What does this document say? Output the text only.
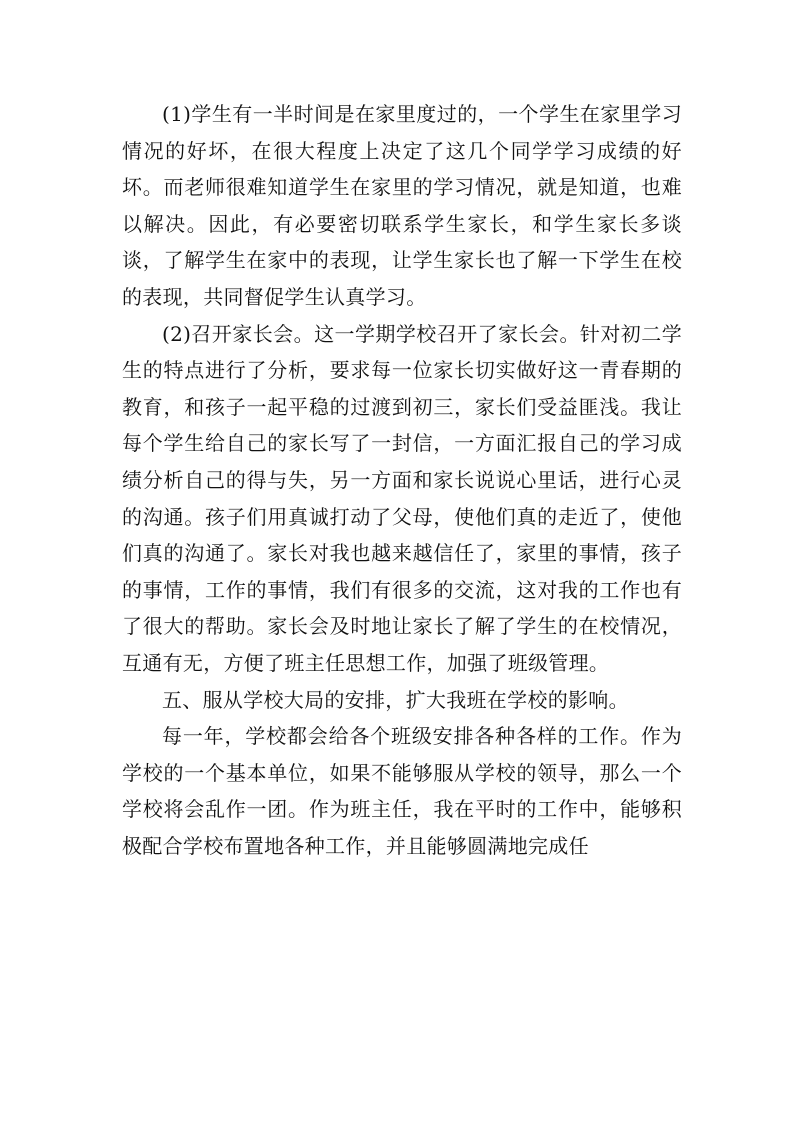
(1)学生有一半时间是在家里度过的，一个学生在家里学习情况的好坏，在很大程度上决定了这几个同学学习成绩的好坏。而老师很难知道学生在家里的学习情况，就是知道，也难以解决。因此，有必要密切联系学生家长，和学生家长多谈谈，了解学生在家中的表现，让学生家长也了解一下学生在校的表现，共同督促学生认真学习。

(2)召开家长会。这一学期学校召开了家长会。针对初二学生的特点进行了分析，要求每一位家长切实做好这一青春期的教育，和孩子一起平稳的过渡到初三，家长们受益匪浅。我让每个学生给自己的家长写了一封信，一方面汇报自己的学习成绩分析自己的得与失，另一方面和家长说说心里话，进行心灵的沟通。孩子们用真诚打动了父母，使他们真的走近了，使他们真的沟通了。家长对我也越来越信任了，家里的事情，孩子的事情，工作的事情，我们有很多的交流，这对我的工作也有了很大的帮助。家长会及时地让家长了解了学生的在校情况，互通有无，方便了班主任思想工作，加强了班级管理。

五、服从学校大局的安排，扩大我班在学校的影响。

每一年，学校都会给各个班级安排各种各样的工作。作为学校的一个基本单位，如果不能够服从学校的领导，那么一个学校将会乱作一团。作为班主任，我在平时的工作中，能够积极配合学校布置地各种工作，并且能够圆满地完成任
